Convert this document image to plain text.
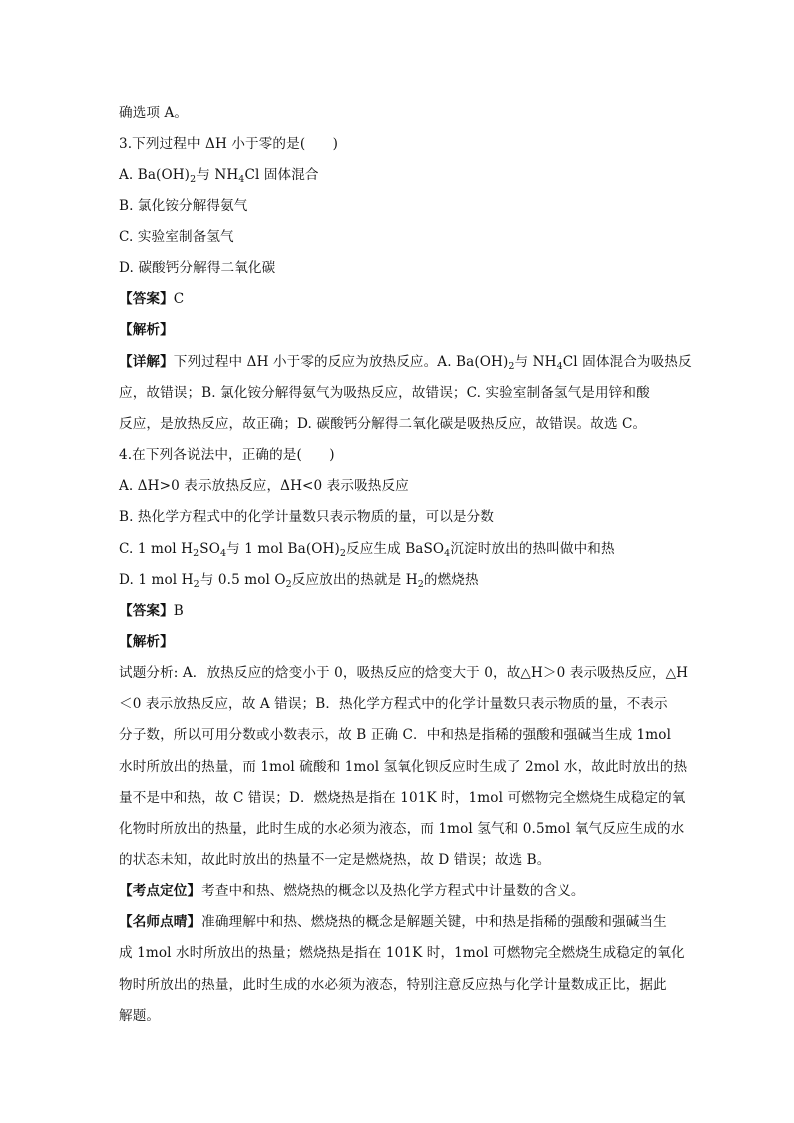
确选项 A。
3.下列过程中 ΔH 小于零的是(　　)
A. $Ba(OH)_2$与 $NH_4Cl$ 固体混合
B. 氯化铵分解得氨气
C. 实验室制备氢气
D. 碳酸钙分解得二氧化碳
【答案】C
【解析】
【详解】下列过程中 ΔH 小于零的反应为放热反应。A. $Ba(OH)_2$与 $NH_4Cl$ 固体混合为吸热反
应，故错误；B. 氯化铵分解得氨气为吸热反应，故错误；C. 实验室制备氢气是用锌和酸
反应，是放热反应，故正确；D. 碳酸钙分解得二氧化碳是吸热反应，故错误。故选 C。
4.在下列各说法中，正确的是(　　)
A. ΔH>0 表示放热反应，ΔH<0 表示吸热反应
B. 热化学方程式中的化学计量数只表示物质的量，可以是分数
C. 1 mol $H_2SO_4$与 1 mol $Ba(OH)_2$反应生成 BaSO$_4$沉淀时放出的热叫做中和热
D. 1 mol $H_2$与 0.5 mol $O_2$反应放出的热就是 $H_2$的燃烧热
【答案】B
【解析】
试题分析: A．放热反应的焓变小于 0，吸热反应的焓变大于 0，故△H＞0 表示吸热反应，△H
＜0 表示放热反应，故 A 错误；B．热化学方程式中的化学计量数只表示物质的量，不表示
分子数，所以可用分数或小数表示，故 B 正确 C．中和热是指稀的强酸和强碱当生成 1mol
水时所放出的热量，而 1mol 硫酸和 1mol 氢氧化钡反应时生成了 2mol 水，故此时放出的热
量不是中和热，故 C 错误；D．燃烧热是指在 101K 时，1mol 可燃物完全燃烧生成稳定的氧
化物时所放出的热量，此时生成的水必须为液态，而 1mol 氢气和 0.5mol 氧气反应生成的水
的状态未知，故此时放出的热量不一定是燃烧热，故 D 错误；故选 B。
【考点定位】考查中和热、燃烧热的概念以及热化学方程式中计量数的含义。
【名师点晴】准确理解中和热、燃烧热的概念是解题关键，中和热是指稀的强酸和强碱当生
成 1mol 水时所放出的热量；燃烧热是指在 101K 时，1mol 可燃物完全燃烧生成稳定的氧化
物时所放出的热量，此时生成的水必须为液态，特别注意反应热与化学计量数成正比，据此
解题。
